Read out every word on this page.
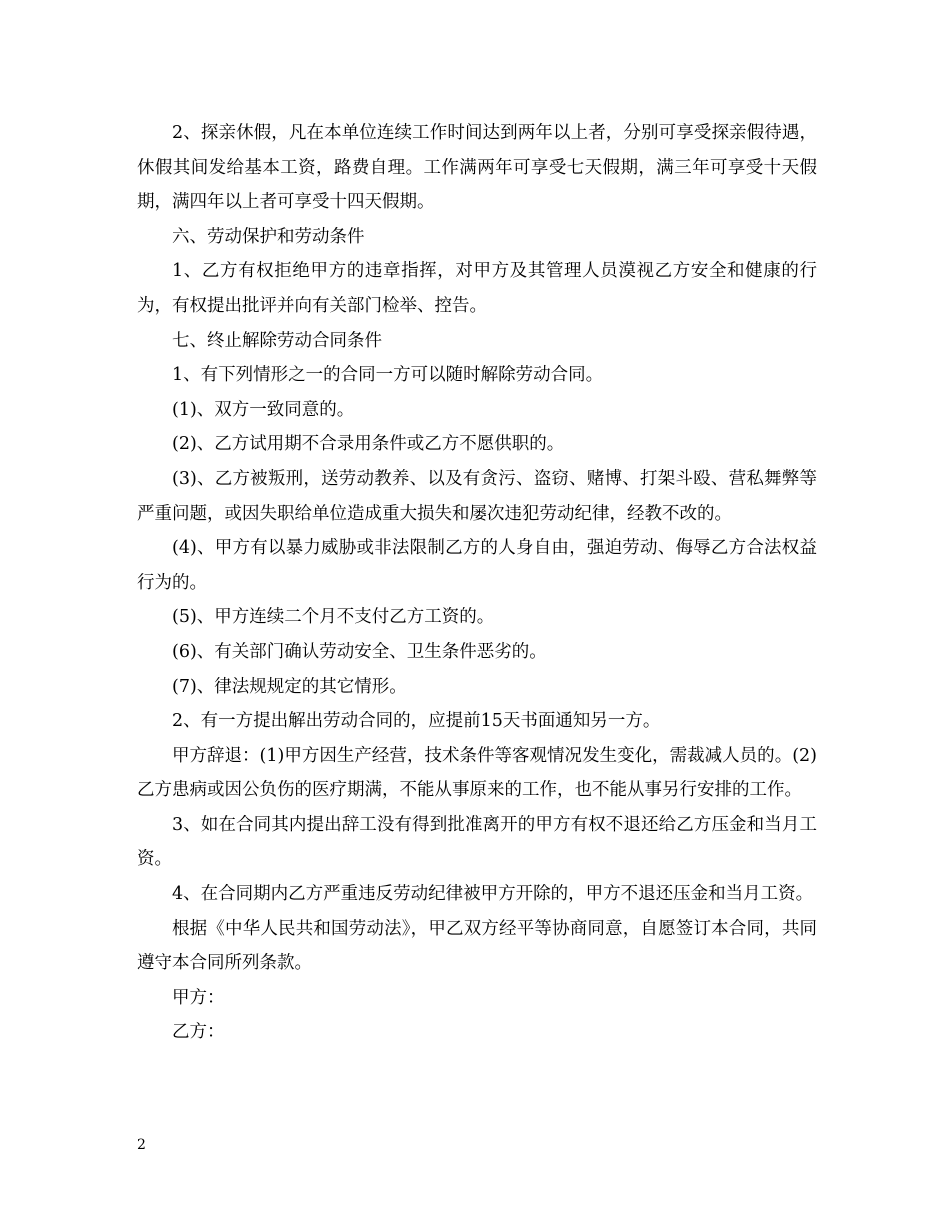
2、探亲休假，凡在本单位连续工作时间达到两年以上者，分别可享受探亲假待遇，休假其间发给基本工资，路费自理。工作满两年可享受七天假期，满三年可享受十天假期，满四年以上者可享受十四天假期。

六、劳动保护和劳动条件

1、乙方有权拒绝甲方的违章指挥，对甲方及其管理人员漠视乙方安全和健康的行为，有权提出批评并向有关部门检举、控告。

七、终止解除劳动合同条件

1、有下列情形之一的合同一方可以随时解除劳动合同。

(1)、双方一致同意的。

(2)、乙方试用期不合录用条件或乙方不愿供职的。

(3)、乙方被叛刑，送劳动教养、以及有贪污、盗窃、赌博、打架斗殴、营私舞弊等严重问题，或因失职给单位造成重大损失和屡次违犯劳动纪律，经教不改的。

(4)、甲方有以暴力威胁或非法限制乙方的人身自由，强迫劳动、侮辱乙方合法权益行为的。

(5)、甲方连续二个月不支付乙方工资的。

(6)、有关部门确认劳动安全、卫生条件恶劣的。

(7)、律法规规定的其它情形。

2、有一方提出解出劳动合同的，应提前15天书面通知另一方。

甲方辞退：(1)甲方因生产经营，技术条件等客观情况发生变化，需裁减人员的。(2)乙方患病或因公负伤的医疗期满，不能从事原来的工作，也不能从事另行安排的工作。

3、如在合同其内提出辞工没有得到批准离开的甲方有权不退还给乙方压金和当月工资。

4、在合同期内乙方严重违反劳动纪律被甲方开除的，甲方不退还压金和当月工资。

根据《中华人民共和国劳动法》，甲乙双方经平等协商同意，自愿签订本合同，共同遵守本合同所列条款。

甲方：

乙方：

2
